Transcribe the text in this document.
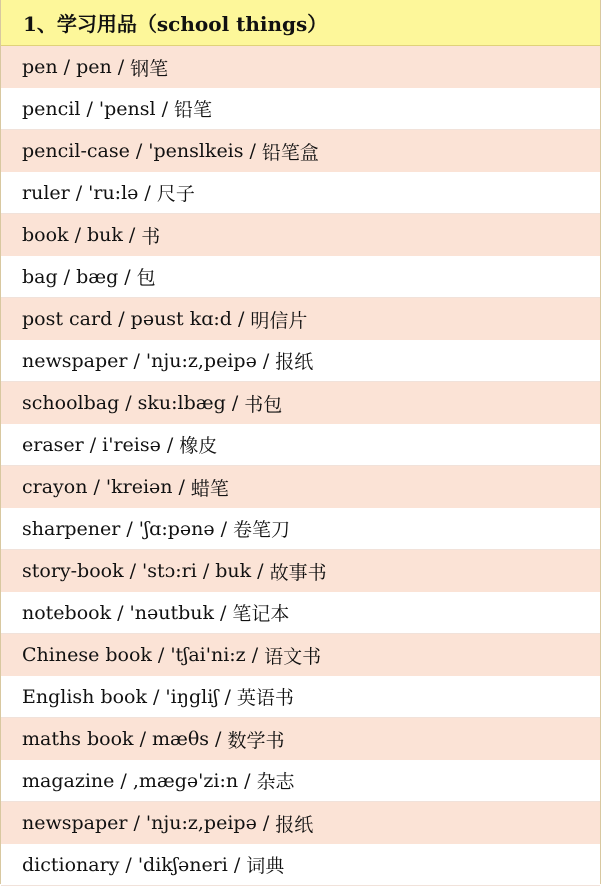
1、学习用品（school things）
pen / pen / 钢笔
pencil / 'pensl / 铅笔
pencil-case / 'penslkeis / 铅笔盒
ruler / 'ru:lə / 尺子
book / buk / 书
bag / bæg / 包
post card / pəust kɑ:d / 明信片
newspaper / 'nju:z,peipə / 报纸
schoolbag / sku:lbæg / 书包
eraser / i'reisə / 橡皮
crayon / 'kreiən / 蜡笔
sharpener / 'ʃɑ:pənə / 卷笔刀
story-book / 'stɔ:ri / buk / 故事书
notebook / 'nəutbuk / 笔记本
Chinese book / 'tʃai'ni:z / 语文书
English book / 'iŋgliʃ / 英语书
maths book / mæθs / 数学书
magazine / ,mægə'zi:n / 杂志
newspaper / 'nju:z,peipə / 报纸
dictionary / 'dikʃəneri / 词典
